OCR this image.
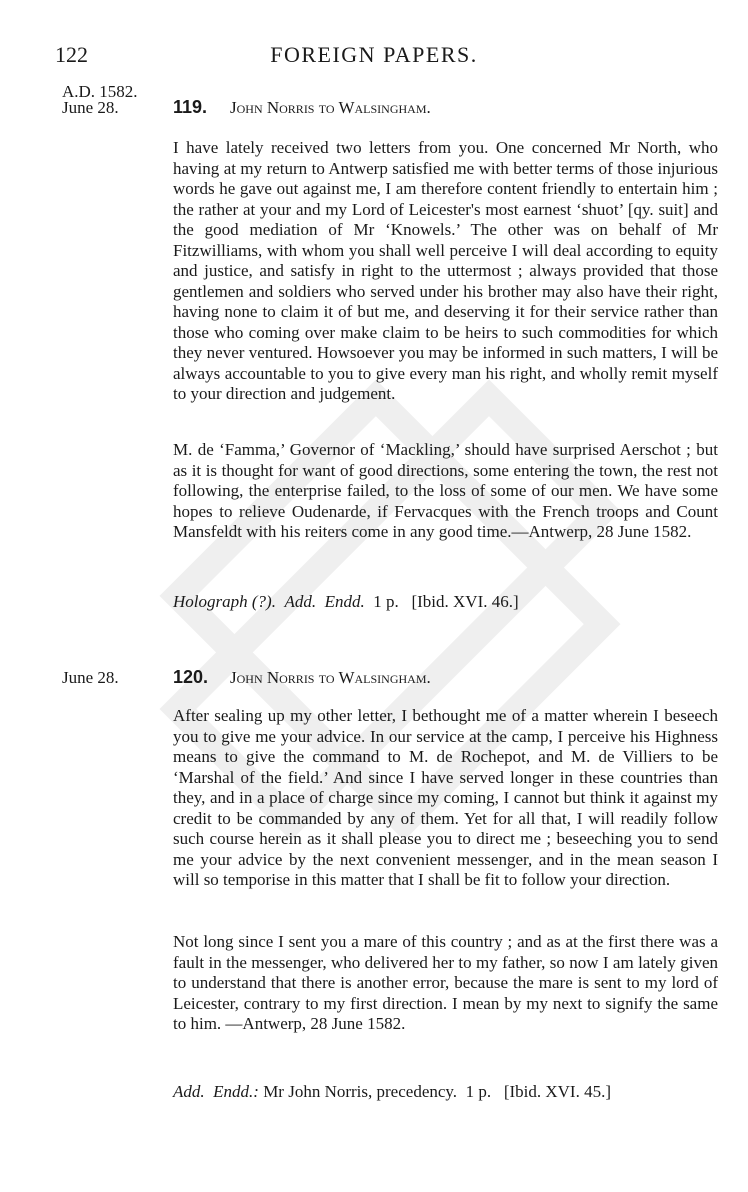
122	FOREIGN PAPERS.
A.D. 1582.
June 28.	119. John Norris to Walsingham.

I have lately received two letters from you. One concerned Mr North, who having at my return to Antwerp satisfied me with better terms of those injurious words he gave out against me, I am therefore content friendly to entertain him ; the rather at your and my Lord of Leicester's most earnest ‘shuot’ [qy. suit] and the good mediation of Mr ‘Knowels.’ The other was on behalf of Mr Fitzwilliams, with whom you shall well perceive I will deal according to equity and justice, and satisfy in right to the uttermost ; always provided that those gentlemen and soldiers who served under his brother may also have their right, having none to claim it of but me, and deserving it for their service rather than those who coming over make claim to be heirs to such commodities for which they never ventured. Howsoever you may be informed in such matters, I will be always accountable to you to give every man his right, and wholly remit myself to your direction and judgement.

M. de ‘Famma,’ Governor of ‘Mackling,’ should have surprised Aerschot ; but as it is thought for want of good directions, some entering the town, the rest not following, the enterprise failed, to the loss of some of our men. We have some hopes to relieve Oudenarde, if Fervacques with the French troops and Count Mansfeldt with his reiters come in any good time.—Antwerp, 28 June 1582.

Holograph (?). Add. Endd. 1 p. [Ibid. XVI. 46.]

June 28.	120. John Norris to Walsingham.

After sealing up my other letter, I bethought me of a matter wherein I beseech you to give me your advice. In our service at the camp, I perceive his Highness means to give the command to M. de Rochepot, and M. de Villiers to be ‘Marshal of the field.’ And since I have served longer in these countries than they, and in a place of charge since my coming, I cannot but think it against my credit to be commanded by any of them. Yet for all that, I will readily follow such course herein as it shall please you to direct me ; beseeching you to send me your advice by the next convenient messenger, and in the mean season I will so temporise in this matter that I shall be fit to follow your direction.

Not long since I sent you a mare of this country ; and as at the first there was a fault in the messenger, who delivered her to my father, so now I am lately given to understand that there is another error, because the mare is sent to my lord of Leicester, contrary to my first direction. I mean by my next to signify the same to him. —Antwerp, 28 June 1582.

Add. Endd.: Mr John Norris, precedency. 1 p. [Ibid. XVI. 45.]
